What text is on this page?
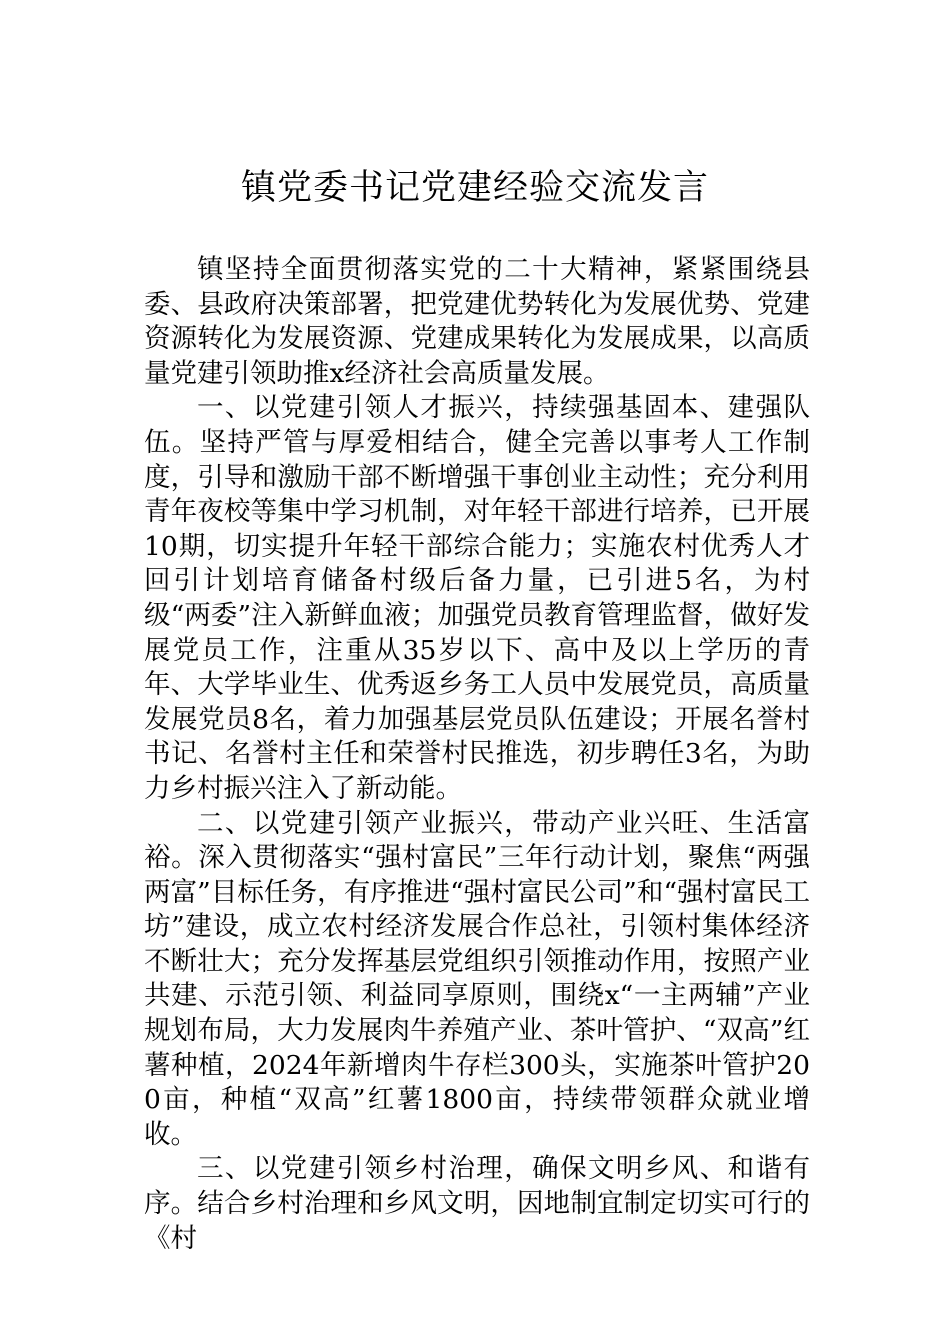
镇党委书记党建经验交流发言

镇坚持全面贯彻落实党的二十大精神，紧紧围绕县委、县政府决策部署，把党建优势转化为发展优势、党建资源转化为发展资源、党建成果转化为发展成果，以高质量党建引领助推x经济社会高质量发展。

一、以党建引领人才振兴，持续强基固本、建强队伍。坚持严管与厚爱相结合，健全完善以事考人工作制度，引导和激励干部不断增强干事创业主动性；充分利用青年夜校等集中学习机制，对年轻干部进行培养，已开展10期，切实提升年轻干部综合能力；实施农村优秀人才回引计划培育储备村级后备力量，已引进5名，为村级“两委”注入新鲜血液；加强党员教育管理监督，做好发展党员工作，注重从35岁以下、高中及以上学历的青年、大学毕业生、优秀返乡务工人员中发展党员，高质量发展党员8名，着力加强基层党员队伍建设；开展名誉村书记、名誉村主任和荣誉村民推选，初步聘任3名，为助力乡村振兴注入了新动能。

二、以党建引领产业振兴，带动产业兴旺、生活富裕。深入贯彻落实“强村富民”三年行动计划，聚焦“两强两富”目标任务，有序推进“强村富民公司”和“强村富民工坊”建设，成立农村经济发展合作总社，引领村集体经济不断壮大；充分发挥基层党组织引领推动作用，按照产业共建、示范引领、利益同享原则，围绕x“一主两辅”产业规划布局，大力发展肉牛养殖产业、茶叶管护、“双高”红薯种植，2024年新增肉牛存栏300头，实施茶叶管护200亩，种植“双高”红薯1800亩，持续带领群众就业增收。

三、以党建引领乡村治理，确保文明乡风、和谐有序。结合乡村治理和乡风文明，因地制宜制定切实可行的《村
